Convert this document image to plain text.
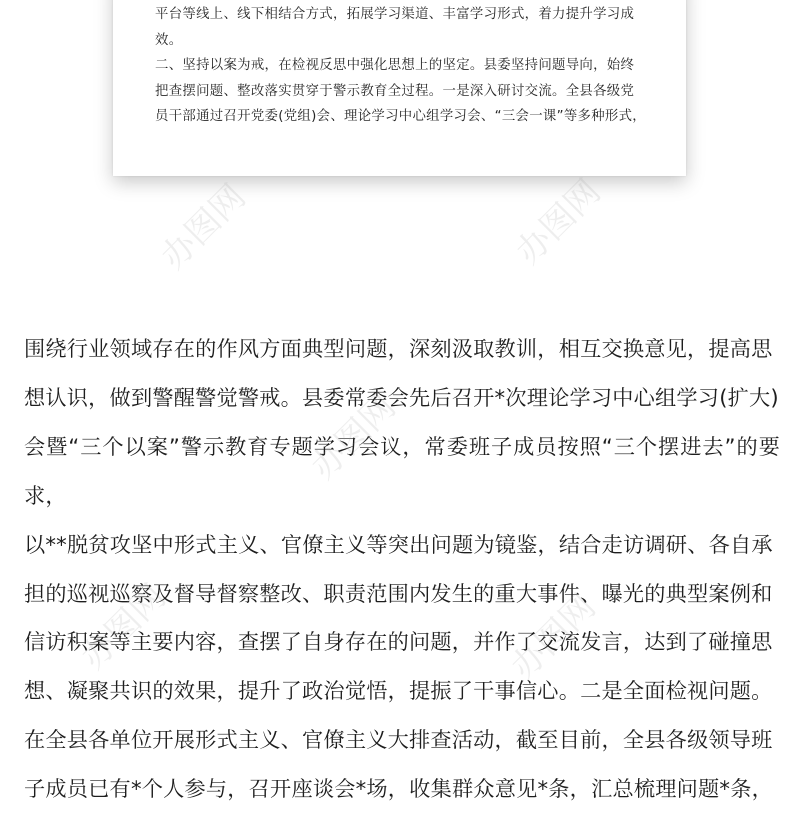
平台等线上、线下相结合方式，拓展学习渠道、丰富学习形式，着力提升学习成

效。

二、坚持以案为戒，在检视反思中强化思想上的坚定。县委坚持问题导向，始终

把查摆问题、整改落实贯穿于警示教育全过程。一是深入研讨交流。全县各级党

员干部通过召开党委(党组)会、理论学习中心组学习会、“三会一课”等多种形式，

围绕行业领域存在的作风方面典型问题，深刻汲取教训，相互交换意见，提高思

想认识，做到警醒警觉警戒。县委常委会先后召开*次理论学习中心组学习(扩大)

会暨“三个以案”警示教育专题学习会议，常委班子成员按照“三个摆进去”的要求，

以**脱贫攻坚中形式主义、官僚主义等突出问题为镜鉴，结合走访调研、各自承

担的巡视巡察及督导督察整改、职责范围内发生的重大事件、曝光的典型案例和

信访积案等主要内容，查摆了自身存在的问题，并作了交流发言，达到了碰撞思

想、凝聚共识的效果，提升了政治觉悟，提振了干事信心。二是全面检视问题。

在全县各单位开展形式主义、官僚主义大排查活动，截至目前，全县各级领导班

子成员已有*个人参与，召开座谈会*场，收集群众意见*条，汇总梳理问题*条，

办图网	办图网
办图网
办图网	办图网
